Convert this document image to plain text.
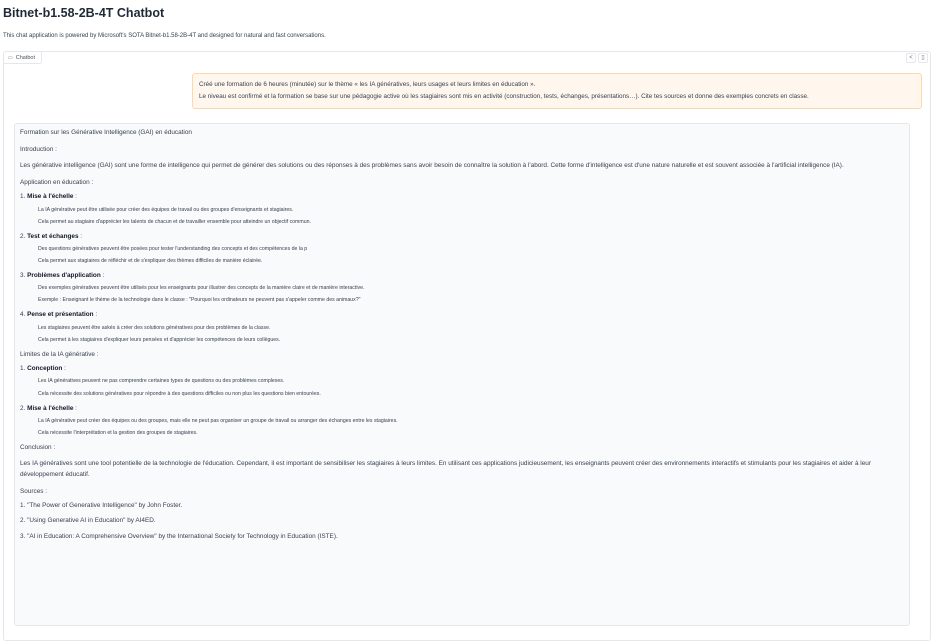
Bitnet-b1.58-2B-4T Chatbot

This chat application is powered by Microsoft's SOTA Bitnet-b1.58-2B-4T and designed for natural and fast conversations.

▭ Chatbot	< ▯

Créé une formation de 6 heures (minutée) sur le thème « les IA génératives, leurs usages et leurs limites en éducation ».

Le niveau est confirmé et la formation se base sur une pédagogie active où les stagiaires sont mis en activité (construction, tests, échanges, présentations…). Cite tes sources et donne des exemples concrets en classe.

Formation sur les Générative Intelligence (GAI) en éducation

Introduction :

Les générative intelligence (GAI) sont une forme de intelligence qui permet de générer des solutions ou des réponses à des problèmes sans avoir besoin de connaître la solution à l'abord. Cette forme d'intelligence est d'une nature naturelle et est souvent associée à l'artificial intelligence (IA).

Application en éducation :

1. Mise à l'échelle :

• La IA générative peut être utilisée pour créer des équipes de travail ou des groupes d'enseignants et stagiaires.
• Cela permet au stagiaire d'apprécier les talents de chacun et de travailler ensemble pour atteindre un objectif commun.

2. Test et échanges :

• Des questions génératives peuvent être posées pour tester l'understanding des concepts et des compétences de la p
• Cela permet aux stagiaires de réfléchir et de s'expliquer des thèmes difficiles de manière éclairée.

3. Problèmes d'application :

• Des exemples génératives peuvent être utilisés pour les enseignants pour illustrer des concepts de la manière claire et de manière interactive.
• Exemple : Enseignant le thème de la technologie dans le classe : "Pourquoi les ordinateurs ne peuvent pas s'appeler comme des animaux?"

4. Pense et présentation :

• Les stagiaires peuvent être askés à créer des solutions génératives pour des problèmes de la classe.
• Cela permet à les stagiaires d'expliquer leurs pensées et d'apprécier les compétences de leurs collègues.

Limites de la IA générative :

1. Conception :

• Les IA génératives peuvent ne pas comprendre certaines types de questions ou des problèmes complexes.
• Cela nécessite des solutions génératives pour répondre à des questions difficiles ou non plus les questions bien entourées.

2. Mise à l'échelle :

• La IA générative peut créer des équipes ou des groupes, mais elle ne peut pas organiser un groupe de travail ou arranger des échanges entre les stagiaires.
• Cela nécessite l'interprétation et la gestion des groupes de stagiaires.

Conclusion :

Les IA génératives sont une tool potentielle de la technologie de l'éducation. Cependant, il est important de sensibiliser les stagiaires à leurs limites. En utilisant ces applications judicieusement, les enseignants peuvent créer des environnements interactifs et stimulants pour les stagiaires et aider à leur développement éducatif.

Sources :

1. "The Power of Generative Intelligence" by John Foster.

2. "Using Generative AI in Education" by AI4ED.

3. "AI in Education: A Comprehensive Overview" by the International Society for Technology in Education (ISTE).
